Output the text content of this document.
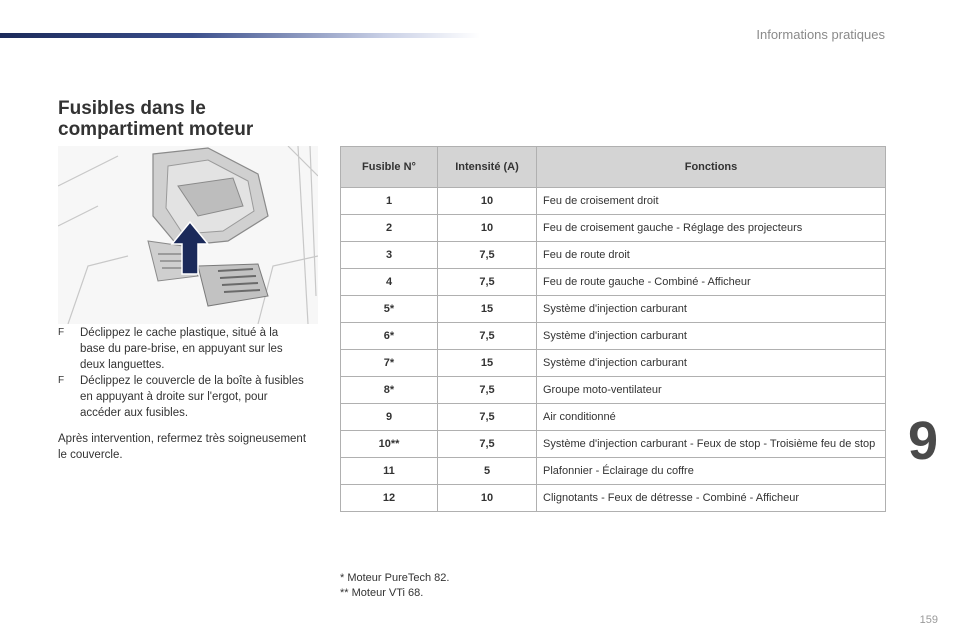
Informations pratiques
Fusibles dans le
compartiment moteur
F	Déclippez le cache plastique, situé à la base du pare-brise, en appuyant sur les deux languettes.
F	Déclippez le couvercle de la boîte à fusibles en appuyant à droite sur l'ergot, pour accéder aux fusibles.
Après intervention, refermez très soigneusement le couvercle.
Fusible N°	Intensité (A)	Fonctions
1	10	Feu de croisement droit
2	10	Feu de croisement gauche - Réglage des projecteurs
3	7,5	Feu de route droit
4	7,5	Feu de route gauche - Combiné - Afficheur
5*	15	Système d'injection carburant
6*	7,5	Système d'injection carburant
7*	15	Système d'injection carburant
8*	7,5	Groupe moto-ventilateur
9	7,5	Air conditionné
10**	7,5	Système d'injection carburant - Feux de stop - Troisième feu de stop
11	5	Plafonnier - Éclairage du coffre
12	10	Clignotants - Feux de détresse - Combiné - Afficheur
* Moteur PureTech 82.
** Moteur VTi 68.
9
159
